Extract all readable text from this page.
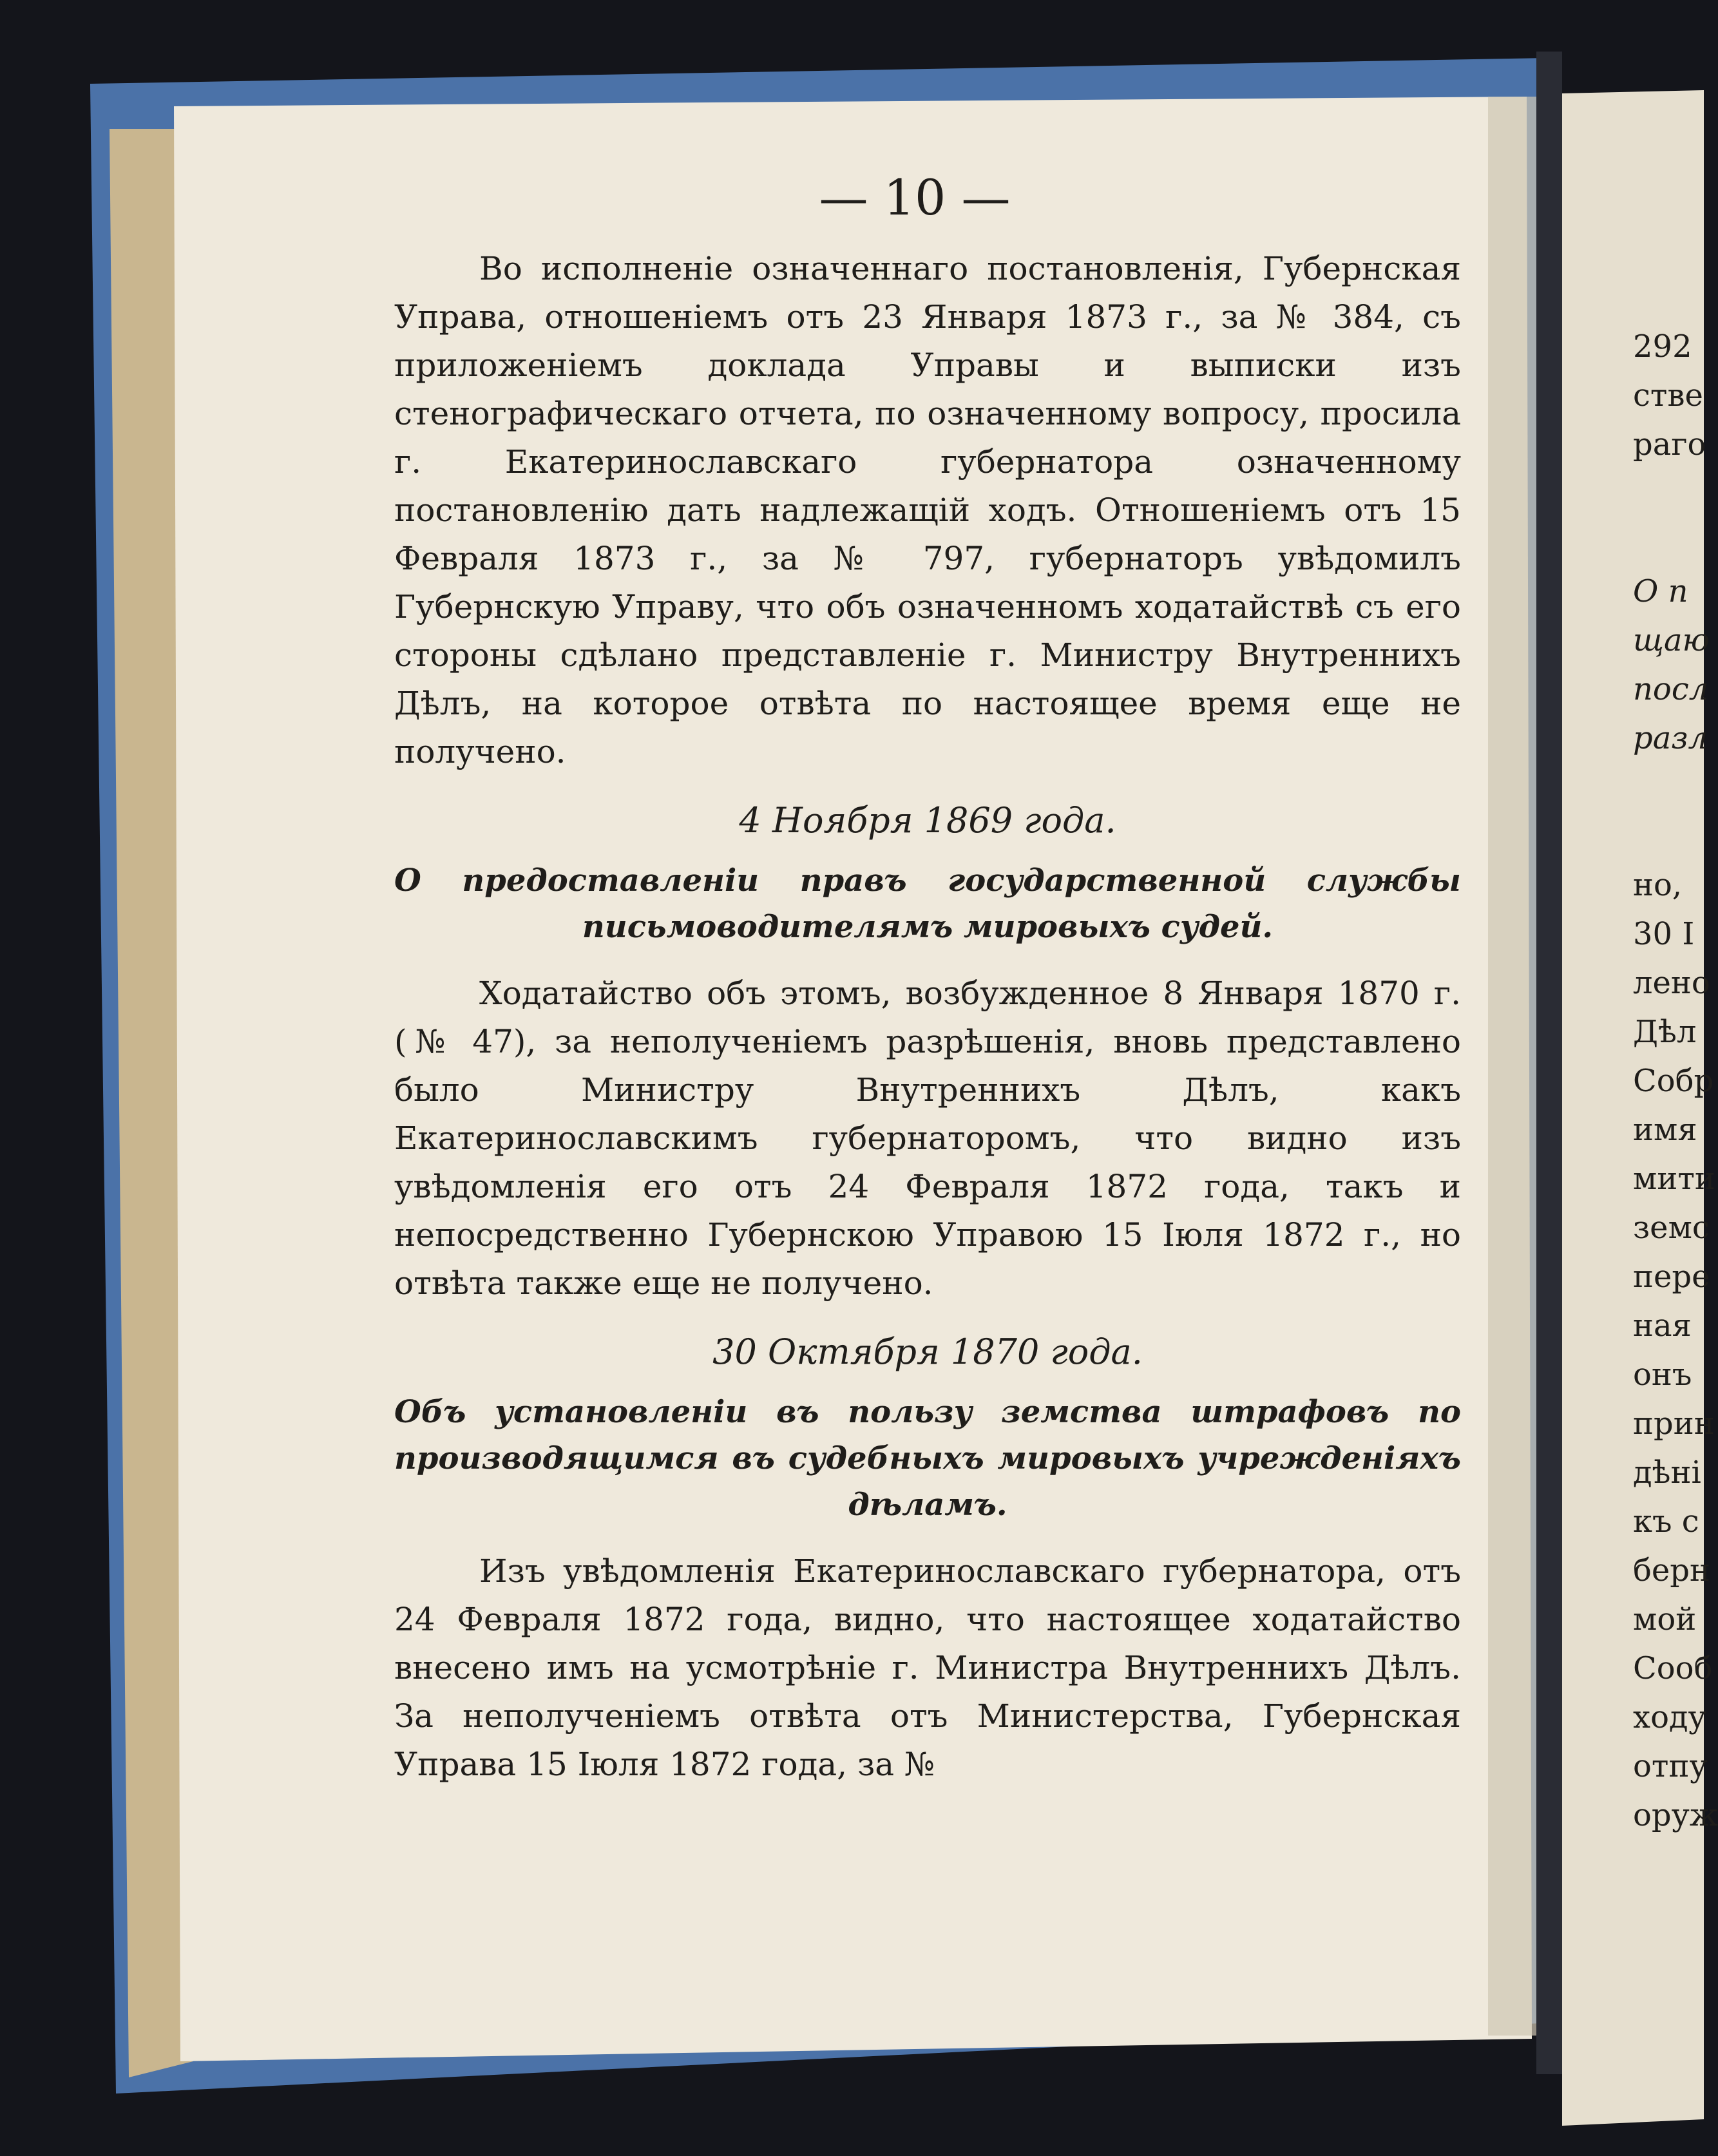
— 10 —

Во исполненіе означеннаго постановленія, Губернская Управа, отношеніемъ отъ 23 Января 1873 г., за № 384, съ приложеніемъ доклада Управы и выписки изъ стенографическаго отчета, по означенному вопросу, просила г. Екатеринославскаго губернатора означенному постановленію дать надлежащій ходъ. Отношеніемъ отъ 15 Февраля 1873 г., за № 797, губернаторъ увѣдомилъ Губернскую Управу, что объ означенномъ ходатайствѣ съ его стороны сдѣлано представленіе г. Министру Внутреннихъ Дѣлъ, на которое отвѣта по настоящее время еще не получено.

4 Ноября 1869 года.
О предоставленіи правъ государственной службы письмоводителямъ мировыхъ судей.

Ходатайство объ этомъ, возбужденное 8 Января 1870 г. (№ 47), за неполученіемъ разрѣшенія, вновь представлено было Министру Внутреннихъ Дѣлъ, какъ Екатеринославскимъ губернаторомъ, что видно изъ увѣдомленія его отъ 24 Февраля 1872 года, такъ и непосредственно Губернскою Управою 15 Іюля 1872 г., но отвѣта также еще не получено.

30 Октября 1870 года.
Объ установленіи въ пользу земства штрафовъ по производящимся въ судебныхъ мировыхъ учрежденіяхъ дѣламъ.

Изъ увѣдомленія Екатеринославскаго губернатора, отъ 24 Февраля 1872 года, видно, что настоящее ходатайство внесено имъ на усмотрѣніе г. Министра Внутреннихъ Дѣлъ. За неполученіемъ отвѣта отъ Министерства, Губернская Управа 15 Іюля 1872 года, за №

292
стве
раго
О п
щаю
посл
разл
но,
30 I
лено
Дѣл
Собр
имя
мити
земс
пере
ная
онъ
прин
дѣні
къ с
берн
мой
Сооб
ходу
отпу
оруж
